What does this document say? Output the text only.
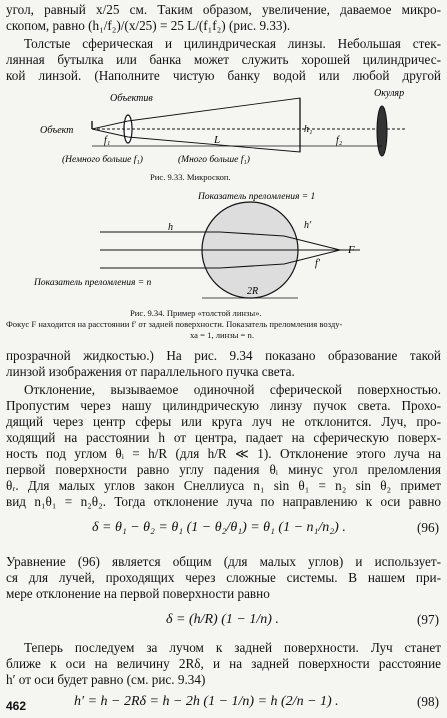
угол, равный x/25 см. Таким образом, увеличение, даваемое микро-
скопом, равно (h₁/f₂)/(x/25) = 25 L/(f₁f₂) (рис. 9.33).
Толстые сферическая и цилиндрическая линзы. Небольшая стек-
лянная бутылка или банка может служить хорошей цилиндричес-
кой линзой. (Наполните чистую банку водой или любой другой
Объект
Объектив	Окуляр
f₁
h₁
L	f₂
(Немного больше f₁)	(Много больше f₁)
Рис. 9.33. Микроскоп.
Показатель преломления = 1
Показатель преломления = n
h	h′
F
f′
2R
Рис. 9.34. Пример «толстой линзы».
Фокус F находится на расстоянии f′ от задней поверхности. Показатель преломления возду-
ха = 1, линзы = n.
прозрачной жидкостью.) На рис. 9.34 показано образование такой
линзой изображения от параллельного пучка света.
Отклонение, вызываемое одиночной сферической поверхностью.
Пропустим через нашу цилиндрическую линзу пучок света. Прохо-
дящий через центр сферы или круга луч не отклонится. Луч, про-
ходящий на расстоянии h от центра, падает на сферическую поверх-
ность под углом θᵢ = h/R (для h/R ≪ 1). Отклонение этого луча на
первой поверхности равно углу падения θᵢ минус угол преломления
θᵣ. Для малых углов закон Снеллиуса n₁ sin θ₁ = n₂ sin θ₂ примет
вид n₁θ₁ = n₂θ₂. Тогда отклонение луча по направлению к оси равно
δ = θ₁ − θ₂ = θ₁ (1 − θ₂/θ₁) = θ₁ (1 − n₁/n₂) .	(96)
Уравнение (96) является общим (для малых углов) и использует-
ся для лучей, проходящих через сложные системы. В нашем при-
мере отклонение на первой поверхности равно
δ = (h/R) (1 − 1/n) .	(97)
Теперь последуем за лучом к задней поверхности. Луч станет
ближе к оси на величину 2Rδ, и на задней поверхности расстояние
h′ от оси будет равно (см. рис. 9.34)
h′ = h − 2Rδ = h − 2h (1 − 1/n) = h (2/n − 1) .	(98)
462
